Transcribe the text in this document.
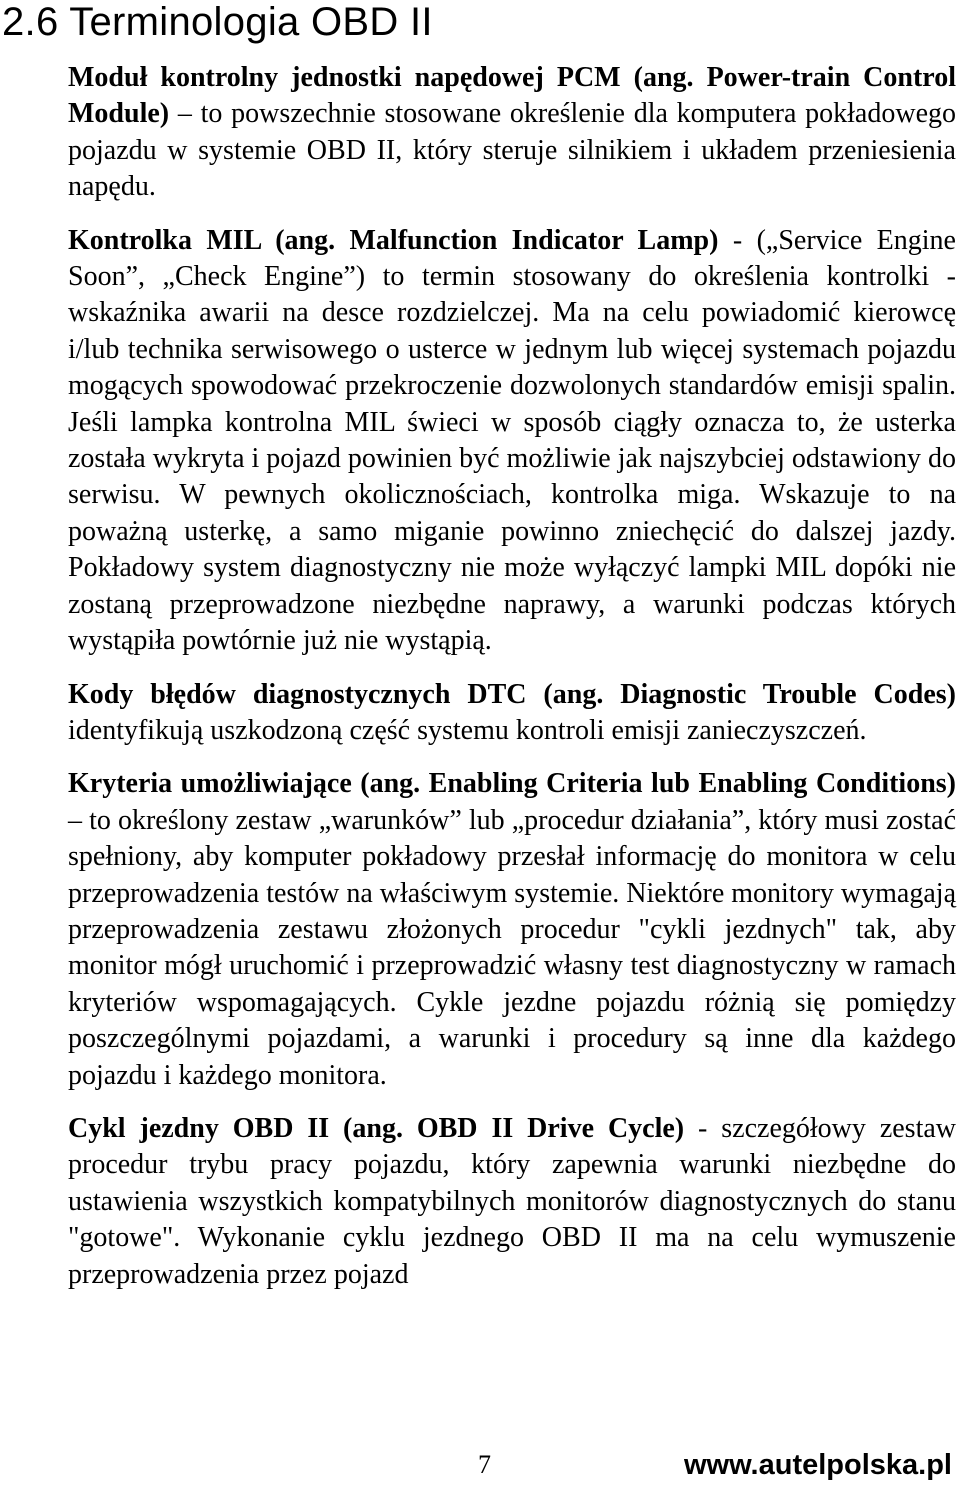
2.6 Terminologia OBD II

Moduł kontrolny jednostki napędowej PCM (ang. Power-train Control Module) – to powszechnie stosowane określenie dla komputera pokładowego pojazdu w systemie OBD II, który steruje silnikiem i układem przeniesienia napędu.

Kontrolka MIL (ang. Malfunction Indicator Lamp) - („Service Engine Soon”, „Check Engine”) to termin stosowany do określenia kontrolki - wskaźnika awarii na desce rozdzielczej. Ma na celu powiadomić kierowcę i/lub technika serwisowego o usterce w jednym lub więcej systemach pojazdu mogących spowodować przekroczenie dozwolonych standardów emisji spalin. Jeśli lampka kontrolna MIL świeci w sposób ciągły oznacza to, że usterka została wykryta i pojazd powinien być możliwie jak najszybciej odstawiony do serwisu. W pewnych okolicznościach, kontrolka miga. Wskazuje to na poważną usterkę, a samo miganie powinno zniechęcić do dalszej jazdy. Pokładowy system diagnostyczny nie może wyłączyć lampki MIL dopóki nie zostaną przeprowadzone niezbędne naprawy, a warunki podczas których wystąpiła powtórnie już nie wystąpią.

Kody błędów diagnostycznych DTC (ang. Diagnostic Trouble Codes) identyfikują uszkodzoną część systemu kontroli emisji zanieczyszczeń.

Kryteria umożliwiające (ang. Enabling Criteria lub Enabling Conditions) – to określony zestaw „warunków” lub „procedur działania”, który musi zostać spełniony, aby komputer pokładowy przesłał informację do monitora w celu przeprowadzenia testów na właściwym systemie. Niektóre monitory wymagają przeprowadzenia zestawu złożonych procedur "cykli jezdnych" tak, aby monitor mógł uruchomić i przeprowadzić własny test diagnostyczny w ramach kryteriów wspomagających. Cykle jezdne pojazdu różnią się pomiędzy poszczególnymi pojazdami, a warunki i procedury są inne dla każdego pojazdu i każdego monitora.

Cykl jezdny OBD II (ang. OBD II Drive Cycle) - szczegółowy zestaw procedur trybu pracy pojazdu, który zapewnia warunki niezbędne do ustawienia wszystkich kompatybilnych monitorów diagnostycznych do stanu "gotowe". Wykonanie cyklu jezdnego OBD II ma na celu wymuszenie przeprowadzenia przez pojazd

7	www.autelpolska.pl
